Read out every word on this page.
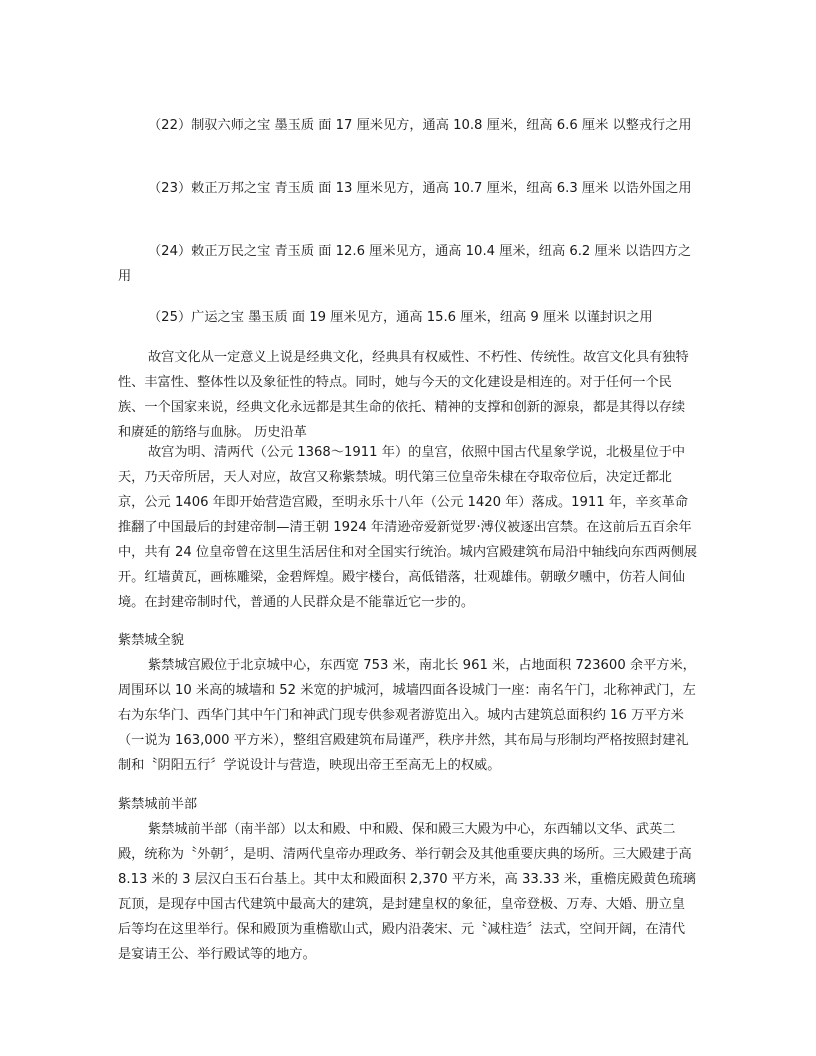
（22）制驭六师之宝 墨玉质 面 17 厘米见方，通高 10.8 厘米，纽高 6.6 厘米 以整戎行之用

（23）敕正万邦之宝 青玉质 面 13 厘米见方，通高 10.7 厘米，纽高 6.3 厘米 以诰外国之用

（24）敕正万民之宝 青玉质 面 12.6 厘米见方，通高 10.4 厘米，纽高 6.2 厘米 以诰四方之用

（25）广运之宝 墨玉质 面 19 厘米见方，通高 15.6 厘米，纽高 9 厘米 以谨封识之用

故宫文化从一定意义上说是经典文化，经典具有权威性、不朽性、传统性。故宫文化具有独特性、丰富性、整体性以及象征性的特点。同时，她与今天的文化建设是相连的。对于任何一个民族、一个国家来说，经典文化永远都是其生命的依托、精神的支撑和创新的源泉，都是其得以存续和赓延的筋络与血脉。 历史沿革

故宫为明、清两代（公元 1368～1911 年）的皇宫，依照中国古代星象学说，北极星位于中天，乃天帝所居，天人对应，故宫又称紫禁城。明代第三位皇帝朱棣在夺取帝位后，决定迁都北京，公元 1406 年即开始营造宫殿，至明永乐十八年（公元 1420 年）落成。1911 年，辛亥革命推翻了中国最后的封建帝制—清王朝 1924 年清逊帝爱新觉罗·溥仪被逐出宫禁。在这前后五百余年中，共有 24 位皇帝曾在这里生活居住和对全国实行统治。城内宫殿建筑布局沿中轴线向东西两侧展开。红墙黄瓦，画栋雕梁，金碧辉煌。殿宇楼台，高低错落，壮观雄伟。朝暾夕曛中，仿若人间仙境。在封建帝制时代，普通的人民群众是不能靠近它一步的。

紫禁城全貌

紫禁城宫殿位于北京城中心，东西宽 753 米，南北长 961 米，占地面积 723600 余平方米，周围环以 10 米高的城墙和 52 米宽的护城河，城墙四面各设城门一座：南名午门，北称神武门，左右为东华门、西华门其中午门和神武门现专供参观者游览出入。城内古建筑总面积约 16 万平方米（一说为 163,000 平方米），整组宫殿建筑布局谨严，秩序井然，其布局与形制均严格按照封建礼制和〝阴阳五行〞学说设计与营造，映现出帝王至高无上的权威。

紫禁城前半部

紫禁城前半部（南半部）以太和殿、中和殿、保和殿三大殿为中心，东西辅以文华、武英二殿，统称为〝外朝〞，是明、清两代皇帝办理政务、举行朝会及其他重要庆典的场所。三大殿建于高 8.13 米的 3 层汉白玉石台基上。其中太和殿面积 2,370 平方米，高 33.33 米，重檐庑殿黄色琉璃瓦顶，是现存中国古代建筑中最高大的建筑，是封建皇权的象征，皇帝登极、万寿、大婚、册立皇后等均在这里举行。保和殿顶为重檐歇山式，殿内沿袭宋、元〝减柱造〞法式，空间开阔，在清代是宴请王公、举行殿试等的地方。
